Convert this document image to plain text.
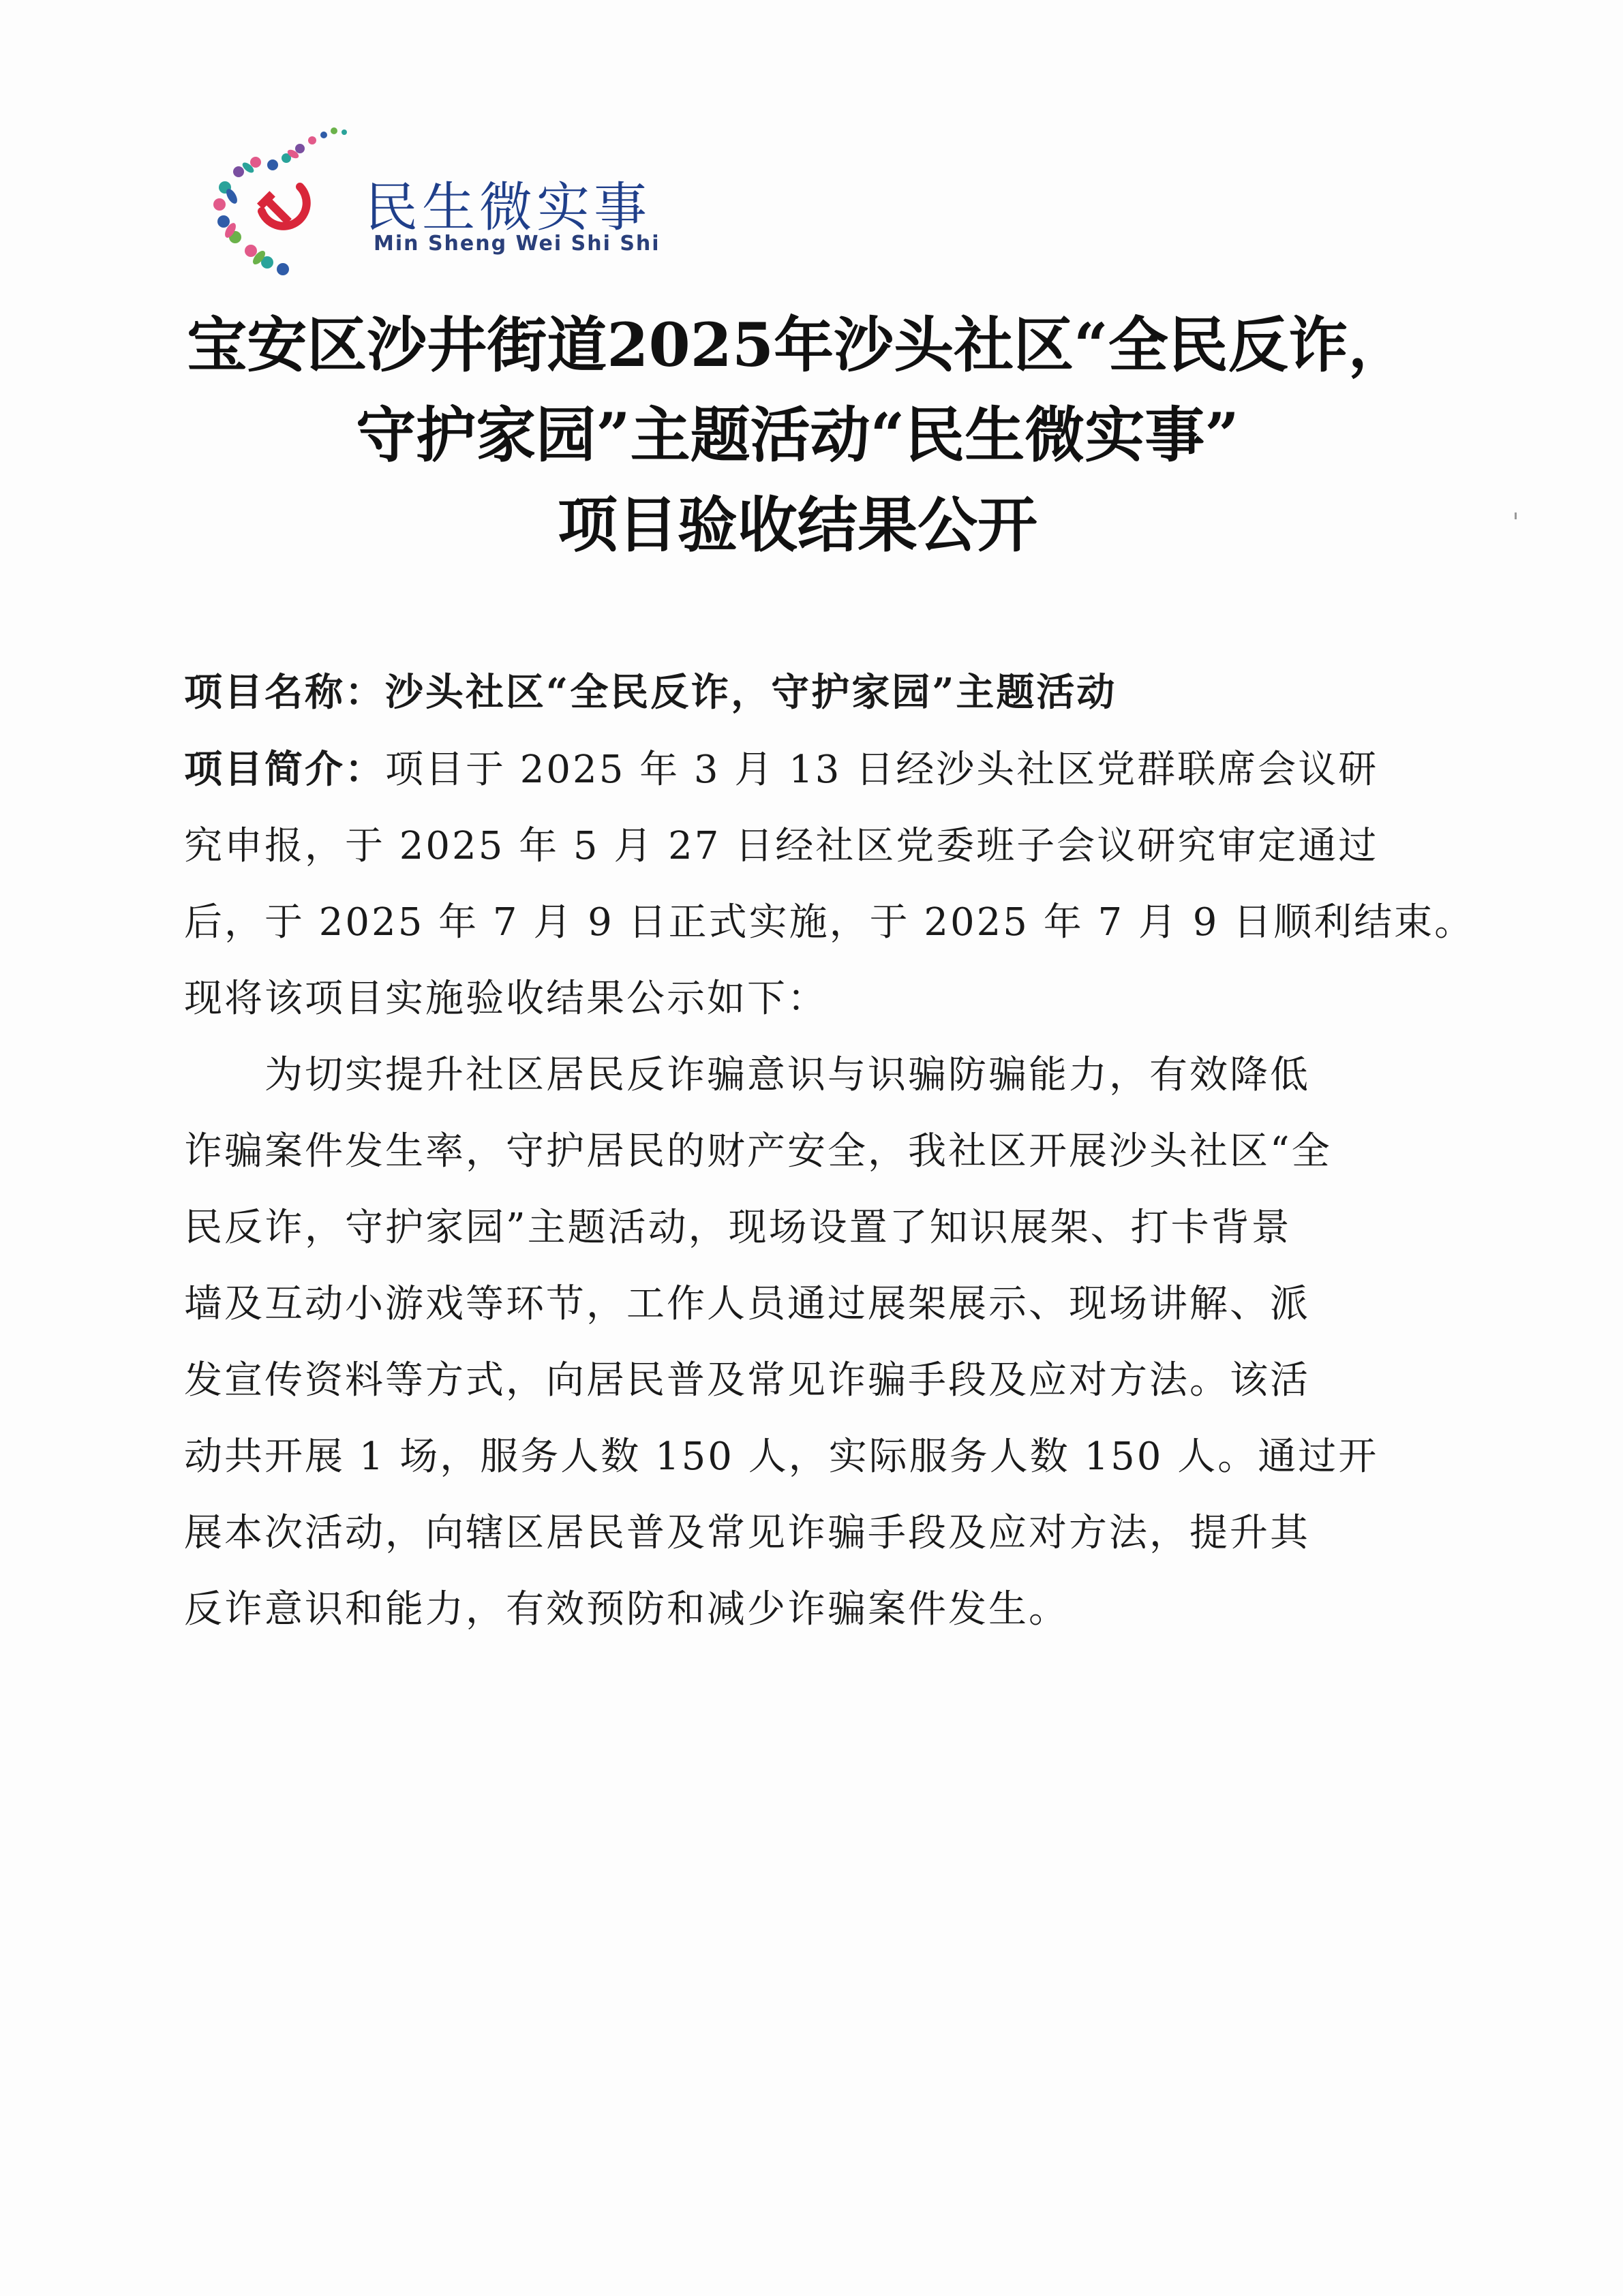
民生微实事
Min Sheng Wei Shi Shi
宝安区沙井街道2025年沙头社区“全民反诈，
守护家园”主题活动“民生微实事”
项目验收结果公开
项目名称：沙头社区“全民反诈，守护家园”主题活动
项目简介：项目于 2025 年 3 月 13 日经沙头社区党群联席会议研
究申报，于 2025 年 5 月 27 日经社区党委班子会议研究审定通过
后，于 2025 年 7 月 9 日正式实施，于 2025 年 7 月 9 日顺利结束。
现将该项目实施验收结果公示如下：
　　为切实提升社区居民反诈骗意识与识骗防骗能力，有效降低
诈骗案件发生率，守护居民的财产安全，我社区开展沙头社区“全
民反诈，守护家园”主题活动，现场设置了知识展架、打卡背景
墙及互动小游戏等环节，工作人员通过展架展示、现场讲解、派
发宣传资料等方式，向居民普及常见诈骗手段及应对方法。该活
动共开展 1 场，服务人数 150 人，实际服务人数 150 人。通过开
展本次活动，向辖区居民普及常见诈骗手段及应对方法，提升其
反诈意识和能力，有效预防和减少诈骗案件发生。
